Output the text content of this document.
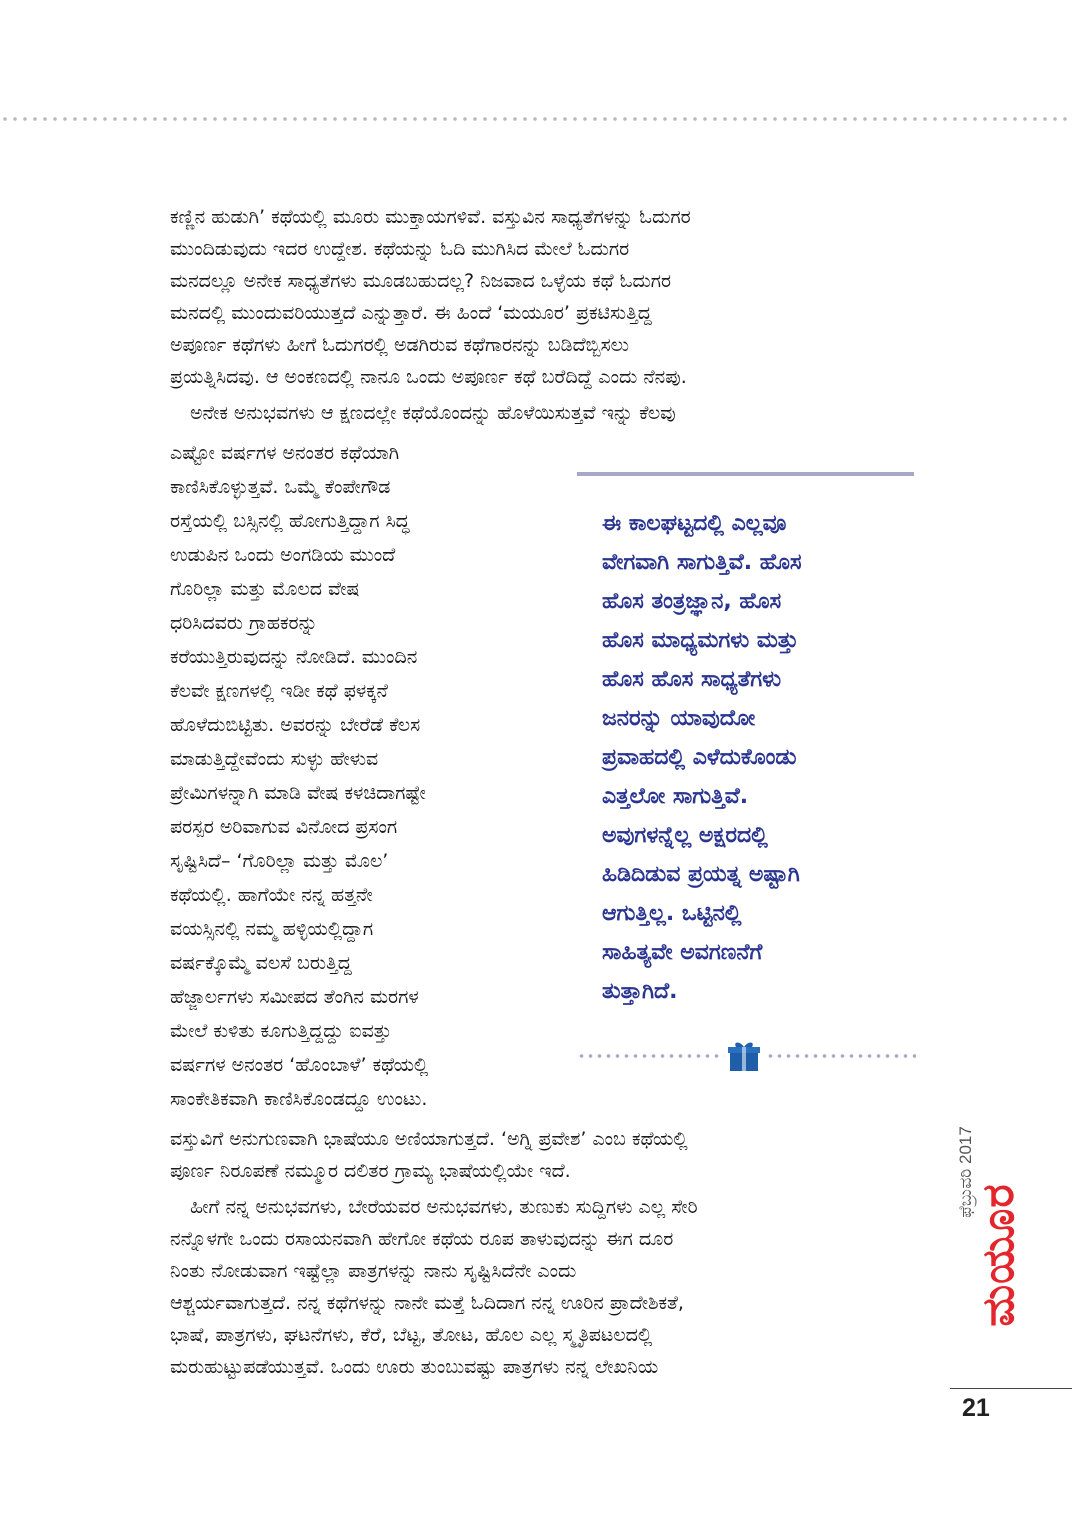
ಕಣ್ಣಿನ ಹುಡುಗಿ’ ಕಥೆಯಲ್ಲಿ ಮೂರು ಮುಕ್ತಾಯಗಳಿವೆ. ವಸ್ತುವಿನ ಸಾಧ್ಯತೆಗಳನ್ನು ಓದುಗರ
ಮುಂದಿಡುವುದು ಇದರ ಉದ್ದೇಶ. ಕಥೆಯನ್ನು ಓದಿ ಮುಗಿಸಿದ ಮೇಲೆ ಓದುಗರ
ಮನದಲ್ಲೂ ಅನೇಕ ಸಾಧ್ಯತೆಗಳು ಮೂಡಬಹುದಲ್ಲ? ನಿಜವಾದ ಒಳ್ಳೆಯ ಕಥೆ ಓದುಗರ
ಮನದಲ್ಲಿ ಮುಂದುವರಿಯುತ್ತದೆ ಎನ್ನುತ್ತಾರೆ. ಈ ಹಿಂದೆ ‘ಮಯೂರ’ ಪ್ರಕಟಿಸುತ್ತಿದ್ದ
ಅಪೂರ್ಣ ಕಥೆಗಳು ಹೀಗೆ ಓದುಗರಲ್ಲಿ ಅಡಗಿರುವ ಕಥೆಗಾರನನ್ನು ಬಡಿದೆಬ್ಬಿಸಲು
ಪ್ರಯತ್ನಿಸಿದವು. ಆ ಅಂಕಣದಲ್ಲಿ ನಾನೂ ಒಂದು ಅಪೂರ್ಣ ಕಥೆ ಬರೆದಿದ್ದೆ ಎಂದು ನೆನಪು.
ಅನೇಕ ಅನುಭವಗಳು ಆ ಕ್ಷಣದಲ್ಲೇ ಕಥೆಯೊಂದನ್ನು ಹೊಳೆಯಿಸುತ್ತವೆ ಇನ್ನು ಕೆಲವು
ಎಷ್ಟೋ ವರ್ಷಗಳ ಅನಂತರ ಕಥೆಯಾಗಿ
ಕಾಣಿಸಿಕೊಳ್ಳುತ್ತವೆ. ಒಮ್ಮೆ ಕೆಂಪೇಗೌಡ
ರಸ್ತೆಯಲ್ಲಿ ಬಸ್ಸಿನಲ್ಲಿ ಹೋಗುತ್ತಿದ್ದಾಗ ಸಿದ್ಧ
ಉಡುಪಿನ ಒಂದು ಅಂಗಡಿಯ ಮುಂದೆ
ಗೊರಿಲ್ಲಾ ಮತ್ತು ಮೊಲದ ವೇಷ
ಧರಿಸಿದವರು ಗ್ರಾಹಕರನ್ನು
ಕರೆಯುತ್ತಿರುವುದನ್ನು ನೋಡಿದೆ. ಮುಂದಿನ
ಕೆಲವೇ ಕ್ಷಣಗಳಲ್ಲಿ ಇಡೀ ಕಥೆ ಫಳಕ್ಕನೆ
ಹೊಳೆದುಬಿಟ್ಟಿತು. ಅವರನ್ನು ಬೇರೆಡೆ ಕೆಲಸ
ಮಾಡುತ್ತಿದ್ದೇವೆಂದು ಸುಳ್ಳು ಹೇಳುವ
ಪ್ರೇಮಿಗಳನ್ನಾಗಿ ಮಾಡಿ ವೇಷ ಕಳಚಿದಾಗಷ್ಟೇ
ಪರಸ್ಪರ ಅರಿವಾಗುವ ವಿನೋದ ಪ್ರಸಂಗ
ಸೃಷ್ಟಿಸಿದೆ– ‘ಗೊರಿಲ್ಲಾ ಮತ್ತು ಮೊಲ’
ಕಥೆಯಲ್ಲಿ. ಹಾಗೆಯೇ ನನ್ನ ಹತ್ತನೇ
ವಯಸ್ಸಿನಲ್ಲಿ ನಮ್ಮ ಹಳ್ಳಿಯಲ್ಲಿದ್ದಾಗ
ವರ್ಷಕ್ಕೊಮ್ಮೆ ವಲಸೆ ಬರುತ್ತಿದ್ದ
ಹೆಜ್ಜಾರ್ಲಗಳು ಸಮೀಪದ ತೆಂಗಿನ ಮರಗಳ
ಮೇಲೆ ಕುಳಿತು ಕೂಗುತ್ತಿದ್ದದ್ದು ಐವತ್ತು
ವರ್ಷಗಳ ಅನಂತರ ‘ಹೊಂಬಾಳೆ’ ಕಥೆಯಲ್ಲಿ
ಸಾಂಕೇತಿಕವಾಗಿ ಕಾಣಿಸಿಕೊಂಡದ್ದೂ ಉಂಟು.
ಈ ಕಾಲಘಟ್ಟದಲ್ಲಿ ಎಲ್ಲವೂ
ವೇಗವಾಗಿ ಸಾಗುತ್ತಿವೆ. ಹೊಸ
ಹೊಸ ತಂತ್ರಜ್ಞಾನ, ಹೊಸ
ಹೊಸ ಮಾಧ್ಯಮಗಳು ಮತ್ತು
ಹೊಸ ಹೊಸ ಸಾಧ್ಯತೆಗಳು
ಜನರನ್ನು ಯಾವುದೋ
ಪ್ರವಾಹದಲ್ಲಿ ಎಳೆದುಕೊಂಡು
ಎತ್ತಲೋ ಸಾಗುತ್ತಿವೆ.
ಅವುಗಳನ್ನೆಲ್ಲ ಅಕ್ಷರದಲ್ಲಿ
ಹಿಡಿದಿಡುವ ಪ್ರಯತ್ನ ಅಷ್ಟಾಗಿ
ಆಗುತ್ತಿಲ್ಲ. ಒಟ್ಟಿನಲ್ಲಿ
ಸಾಹಿತ್ಯವೇ ಅವಗಣನೆಗೆ
ತುತ್ತಾಗಿದೆ.
ವಸ್ತುವಿಗೆ ಅನುಗುಣವಾಗಿ ಭಾಷೆಯೂ ಅಣಿಯಾಗುತ್ತದೆ. ‘ಅಗ್ನಿ ಪ್ರವೇಶ’ ಎಂಬ ಕಥೆಯಲ್ಲಿ
ಪೂರ್ಣ ನಿರೂಪಣೆ ನಮ್ಮೂರ ದಲಿತರ ಗ್ರಾಮ್ಯ ಭಾಷೆಯಲ್ಲಿಯೇ ಇದೆ.
ಹೀಗೆ ನನ್ನ ಅನುಭವಗಳು, ಬೇರೆಯವರ ಅನುಭವಗಳು, ತುಣುಕು ಸುದ್ದಿಗಳು ಎಲ್ಲ ಸೇರಿ
ನನ್ನೊಳಗೇ ಒಂದು ರಸಾಯನವಾಗಿ ಹೇಗೋ ಕಥೆಯ ರೂಪ ತಾಳುವುದನ್ನು ಈಗ ದೂರ
ನಿಂತು ನೋಡುವಾಗ ಇಷ್ಟೆಲ್ಲಾ ಪಾತ್ರಗಳನ್ನು ನಾನು ಸೃಷ್ಟಿಸಿದೆನೇ ಎಂದು
ಆಶ್ಚರ್ಯವಾಗುತ್ತದೆ. ನನ್ನ ಕಥೆಗಳನ್ನು ನಾನೇ ಮತ್ತೆ ಓದಿದಾಗ ನನ್ನ ಊರಿನ ಪ್ರಾದೇಶಿಕತೆ,
ಭಾಷೆ, ಪಾತ್ರಗಳು, ಘಟನೆಗಳು, ಕೆರೆ, ಬೆಟ್ಟ, ತೋಟ, ಹೊಲ ಎಲ್ಲ ಸ್ಮೃತಿಪಟಲದಲ್ಲಿ
ಮರುಹುಟ್ಟುಪಡೆಯುತ್ತವೆ. ಒಂದು ಊರು ತುಂಬುವಷ್ಟು ಪಾತ್ರಗಳು ನನ್ನ ಲೇಖನಿಯ
ಫೆಬ್ರುವರಿ 2017
ಮಯೂರ
21
